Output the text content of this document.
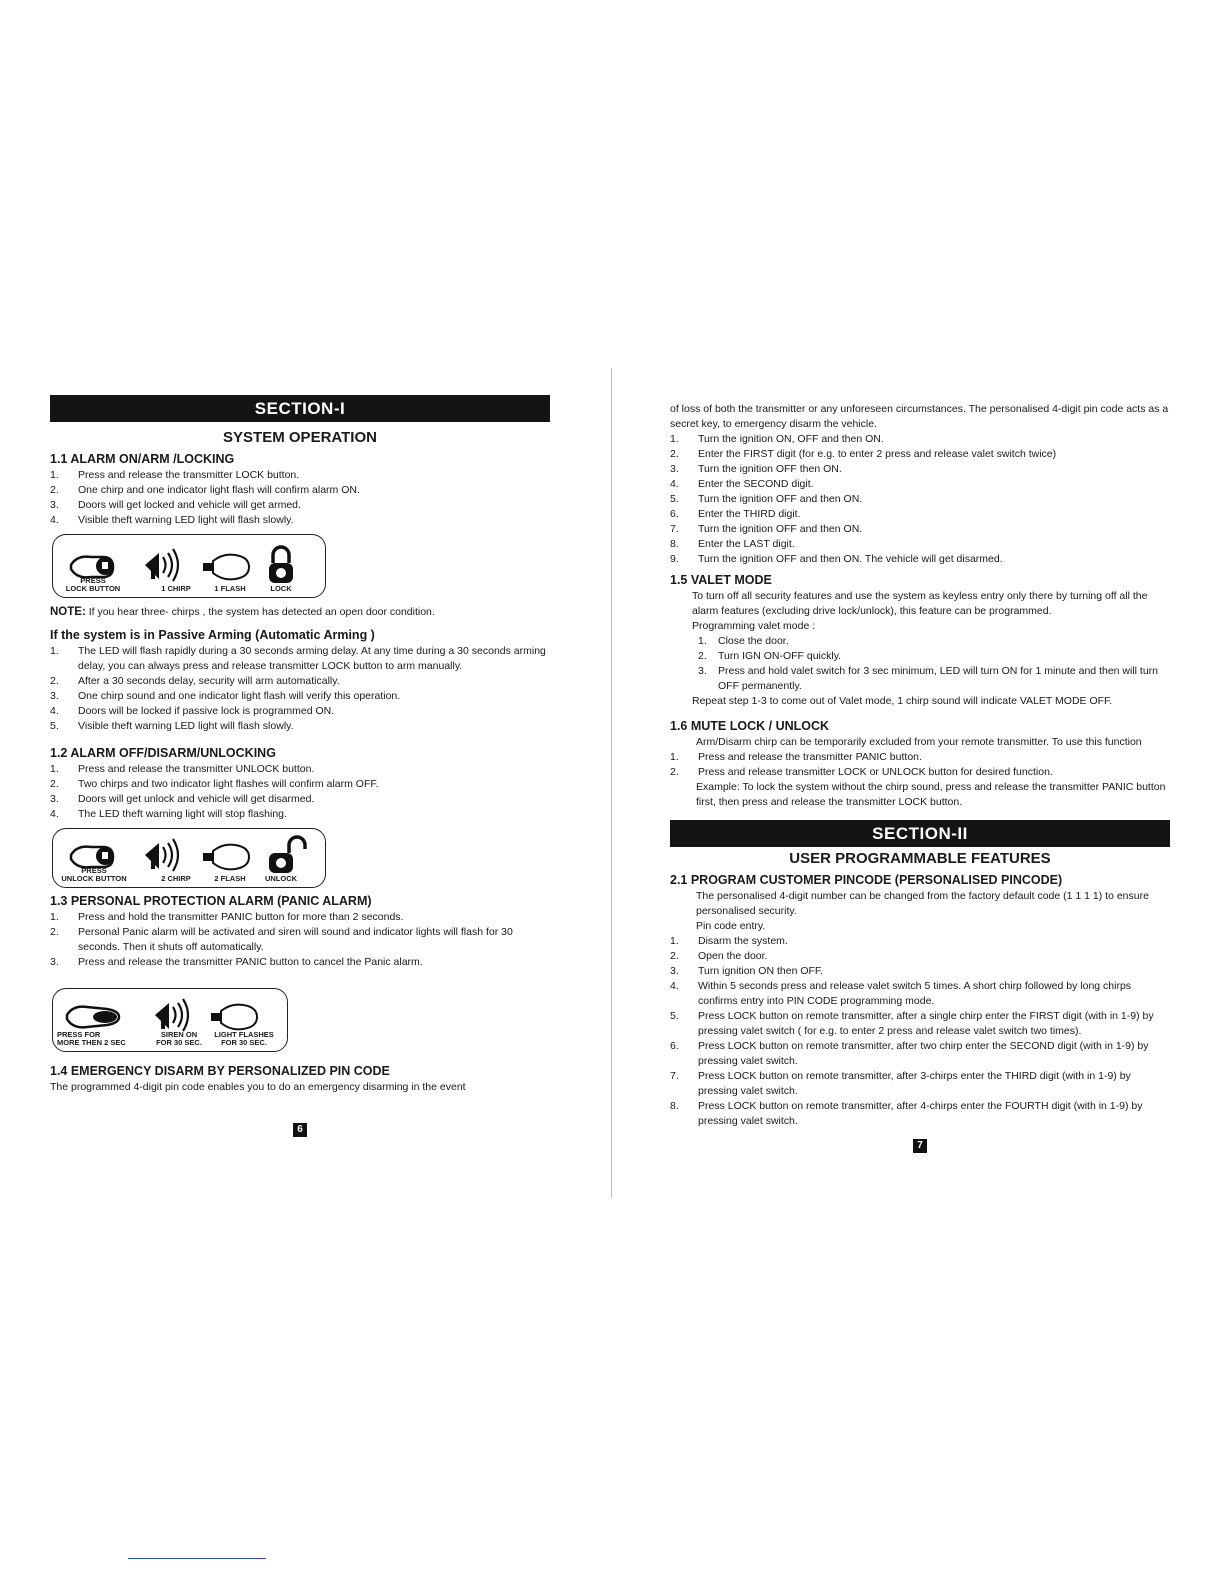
SECTION-I
SYSTEM OPERATION
1.1 ALARM ON/ARM /LOCKING
1.	Press and release the transmitter LOCK button.
2.	One chirp and one indicator light flash will confirm alarm ON.
3.	Doors will get locked and vehicle will get armed.
4.	Visible theft warning LED light will flash slowly.
PRESS
LOCK BUTTON	1 CHIRP	1 FLASH	LOCK
NOTE: If you hear three- chirps , the system has detected an open door condition.
If the system is in Passive Arming (Automatic Arming )
1.	The LED will flash rapidly during a 30 seconds arming delay. At any time during a 30 seconds arming delay, you can always press and release transmitter LOCK button to arm manually.
2.	After a 30 seconds delay, security will arm automatically.
3.	One chirp sound and one indicator light flash will verify this operation.
4.	Doors will be locked if passive lock is programmed ON.
5.	Visible theft warning LED light will flash slowly.
1.2 ALARM OFF/DISARM/UNLOCKING
1.	Press and release the transmitter UNLOCK button.
2.	Two chirps and two indicator light flashes will confirm alarm OFF.
3.	Doors will get unlock and vehicle will get disarmed.
4.	The LED theft warning light will stop flashing.
PRESS
UNLOCK BUTTON	2 CHIRP	2 FLASH	UNLOCK
1.3 PERSONAL PROTECTION ALARM (PANIC ALARM)
1.	Press and hold the transmitter PANIC button for more than 2 seconds.
2.	Personal Panic alarm will be activated and siren will sound and indicator lights will flash for 30 seconds. Then it shuts off automatically.
3.	Press and release the transmitter PANIC button to cancel the Panic alarm.
PRESS FOR
MORE THEN 2 SEC
SIREN ON
FOR 30 SEC.
LIGHT FLASHES
FOR 30 SEC.
1.4 EMERGENCY DISARM BY PERSONALIZED PIN CODE
The programmed 4-digit pin code enables you to do an emergency disarming in the event
6
of loss of both the transmitter or any unforeseen circumstances. The personalised 4-digit pin code acts as a secret key, to emergency disarm the vehicle.
1.	Turn the ignition ON, OFF and then ON.
2.	Enter the FIRST digit (for e.g. to enter 2 press and release valet switch twice)
3.	Turn the ignition OFF then ON.
4.	Enter the SECOND digit.
5.	Turn the ignition OFF and then ON.
6.	Enter the THIRD digit.
7.	Turn the ignition OFF and then ON.
8.	Enter the LAST digit.
9.	Turn the ignition OFF and then ON. The vehicle will get disarmed.
1.5 VALET MODE
To turn off all security features and use the system as keyless entry only there by turning off all the alarm features (excluding drive lock/unlock), this feature can be programmed.
Programming valet mode :
1.	Close the door.
2.	Turn IGN ON-OFF quickly.
3.	Press and hold valet switch for 3 sec minimum, LED will turn ON for 1 minute and then will turn OFF permanently.
Repeat step 1-3 to come out of Valet mode, 1 chirp sound will indicate VALET MODE OFF.
1.6 MUTE LOCK / UNLOCK
Arm/Disarm chirp can be temporarily excluded from your remote transmitter. To use this function
1.	Press and release the transmitter PANIC button.
2.	Press and release transmitter LOCK or UNLOCK button for desired function.
Example: To lock the system without the chirp sound, press and release the transmitter PANIC button first, then press and release the transmitter LOCK button.
SECTION-II
USER PROGRAMMABLE FEATURES
2.1 PROGRAM CUSTOMER PINCODE (PERSONALISED PINCODE)
The personalised 4-digit number can be changed from the factory default code (1 1 1 1) to ensure personalised security.
Pin code entry.
1.	Disarm the system.
2.	Open the door.
3.	Turn ignition ON then OFF.
4.	Within 5 seconds press and release valet switch 5 times. A short chirp followed by long chirps confirms entry into PIN CODE programming mode.
5.	Press LOCK button on remote transmitter, after a single chirp enter the FIRST digit (with in 1-9) by pressing valet switch ( for e.g. to enter 2 press and release valet switch two times).
6.	Press LOCK button on remote transmitter, after two chirp enter the SECOND digit (with in 1-9) by pressing valet switch.
7.	Press LOCK button on remote transmitter, after 3-chirps enter the THIRD digit (with in 1-9) by pressing valet switch.
8.	Press LOCK button on remote transmitter, after 4-chirps enter the FOURTH digit (with in 1-9) by pressing valet switch.
7
